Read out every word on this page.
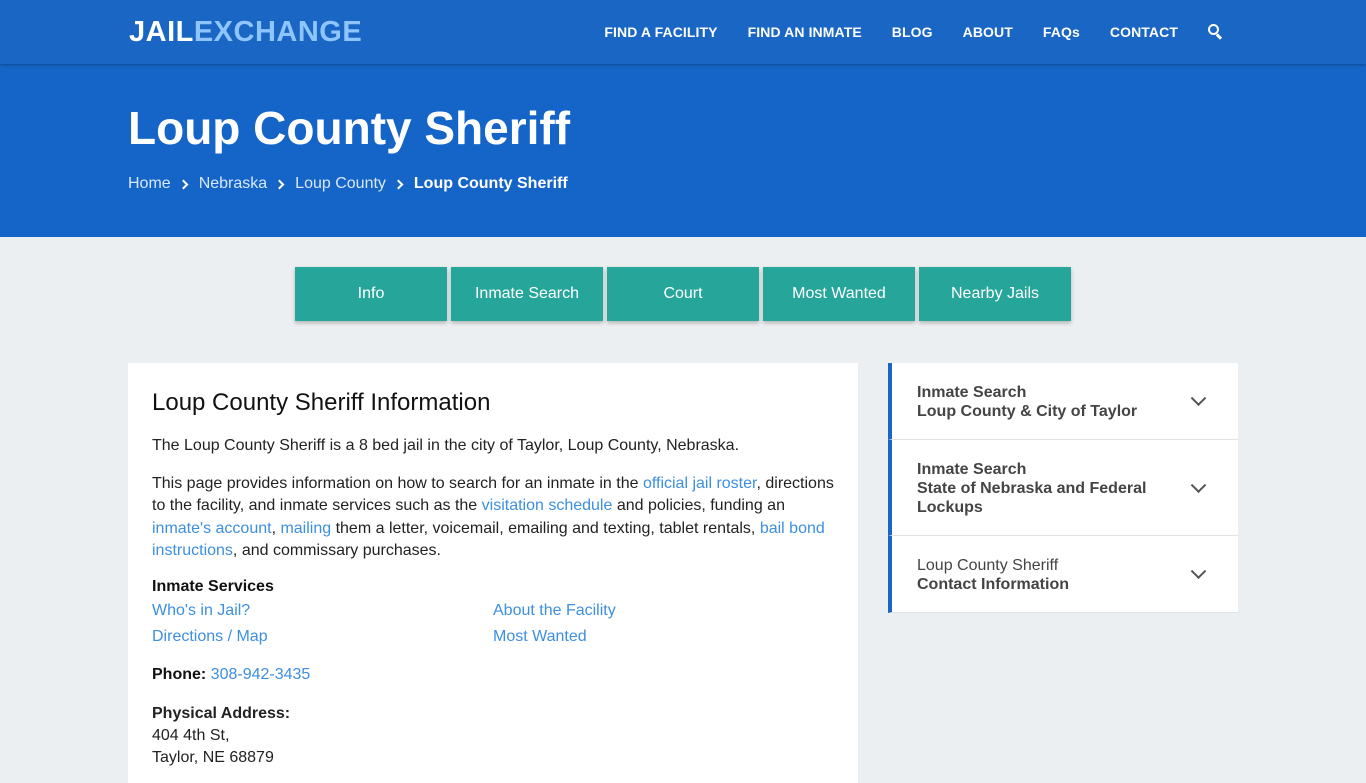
JAILEXCHANGE	FIND A FACILITY FIND AN INMATE BLOG ABOUT FAQs CONTACT
Loup County Sheriff
Home Nebraska Loup County Loup County Sheriff
Info	Inmate Search	Court	Most Wanted	Nearby Jails
Loup County Sheriff Information

The Loup County Sheriff is a 8 bed jail in the city of Taylor, Loup County, Nebraska.

This page provides information on how to search for an inmate in the official jail roster, directions to the facility, and inmate services such as the visitation schedule and policies, funding an inmate's account, mailing them a letter, voicemail, emailing and texting, tablet rentals, bail bond instructions, and commissary purchases.

Inmate Services
Who's in Jail?	About the Facility
Directions / Map	Most Wanted
Phone: 308-942-3435
Physical Address:
404 4th St,
Taylor, NE 68879
Inmate Search
Loup County & City of Taylor
Inmate Search
State of Nebraska and Federal Lockups
Loup County Sheriff
Contact Information
